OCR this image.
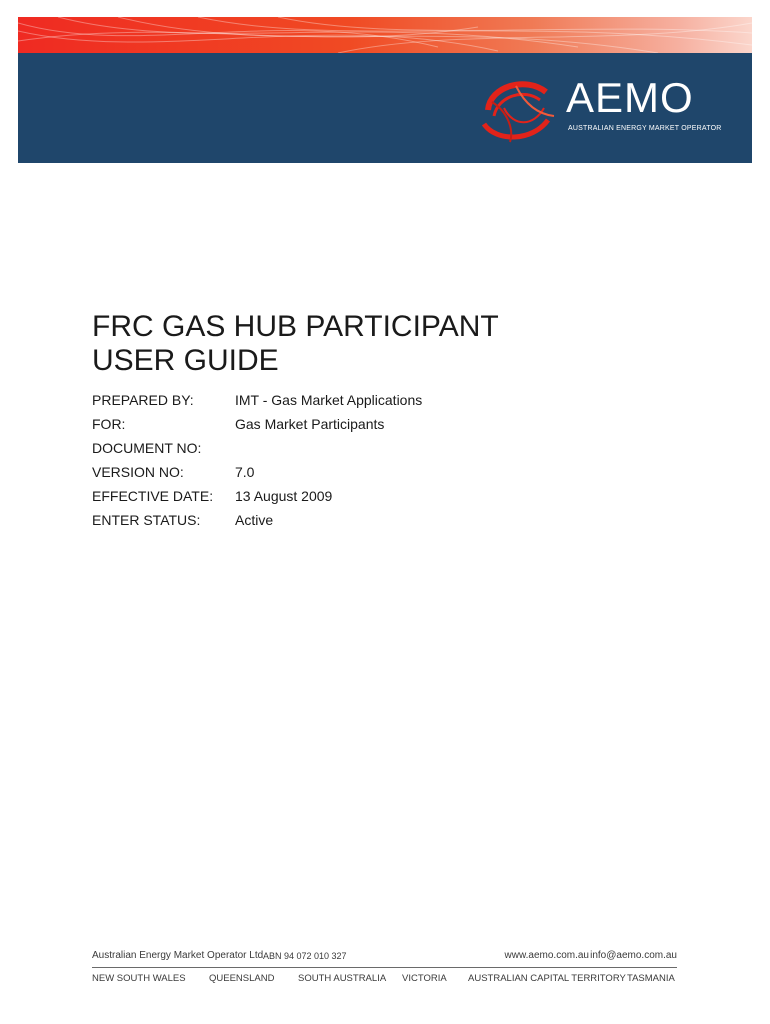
AEMO
AUSTRALIAN ENERGY MARKET OPERATOR
FRC GAS HUB PARTICIPANT
USER GUIDE
PREPARED BY:	IMT - Gas Market Applications
FOR:	Gas Market Participants
DOCUMENT NO:
VERSION NO:	7.0
EFFECTIVE DATE: 13 August 2009
ENTER STATUS: Active
Australian Energy Market Operator Ltd ABN 94 072 010 327	www.aemo.com.au info@aemo.com.au
NEW SOUTH WALES QUEENSLAND SOUTH AUSTRALIA VICTORIA AUSTRALIAN CAPITAL TERRITORY TASMANIA
